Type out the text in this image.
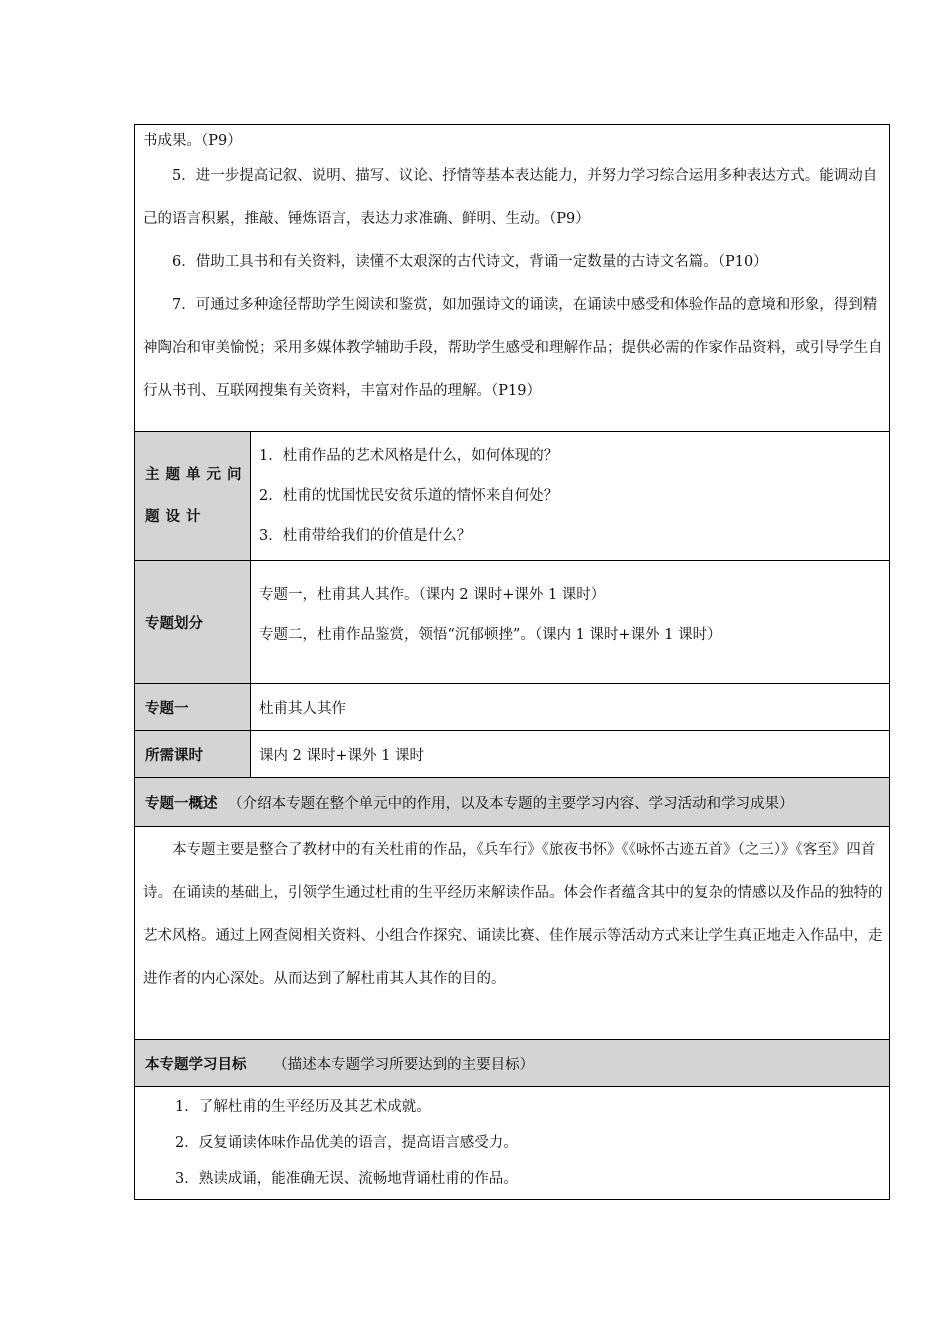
书成果。（P9）

5．进一步提高记叙、说明、描写、议论、抒情等基本表达能力，并努力学习综合运用多种表达方式。能调动自己的语言积累，推敲、锤炼语言，表达力求准确、鲜明、生动。（P9）

6．借助工具书和有关资料，读懂不太艰深的古代诗文，背诵一定数量的古诗文名篇。（P10）

7．可通过多种途径帮助学生阅读和鉴赏，如加强诗文的诵读，在诵读中感受和体验作品的意境和形象，得到精神陶冶和审美愉悦；采用多媒体教学辅助手段，帮助学生感受和理解作品；提供必需的作家作品资料，或引导学生自行从书刊、互联网搜集有关资料，丰富对作品的理解。（P19）	

主题单元问题设计	1．杜甫作品的艺术风格是什么，如何体现的？

2．杜甫的忧国忧民安贫乐道的情怀来自何处？

3．杜甫带给我们的价值是什么？

专题划分	专题一，杜甫其人其作。（课内 2 课时+课外 1 课时）

专题二，杜甫作品鉴赏，领悟“沉郁顿挫”。（课内 1 课时+课外 1 课时）

专题一	杜甫其人其作
所需课时	课内 2 课时+课外 1 课时
专题一概述 （介绍本专题在整个单元中的作用，以及本专题的主要学习内容、学习活动和学习成果）	

本专题主要是整合了教材中的有关杜甫的作品，《兵车行》《旅夜书怀》《《咏怀古迹五首》（之三）》《客至》四首诗。在诵读的基础上，引领学生通过杜甫的生平经历来解读作品。体会作者蕴含其中的复杂的情感以及作品的独特的艺术风格。通过上网查阅相关资料、小组合作探究、诵读比赛、佳作展示等活动方式来让学生真正地走入作品中，走进作者的内心深处。从而达到了解杜甫其人其作的目的。	

本专题学习目标 （描述本专题学习所要达到的主要目标）	

1．了解杜甫的生平经历及其艺术成就。

2．反复诵读体味作品优美的语言，提高语言感受力。

3．熟读成诵，能准确无误、流畅地背诵杜甫的作品。	
